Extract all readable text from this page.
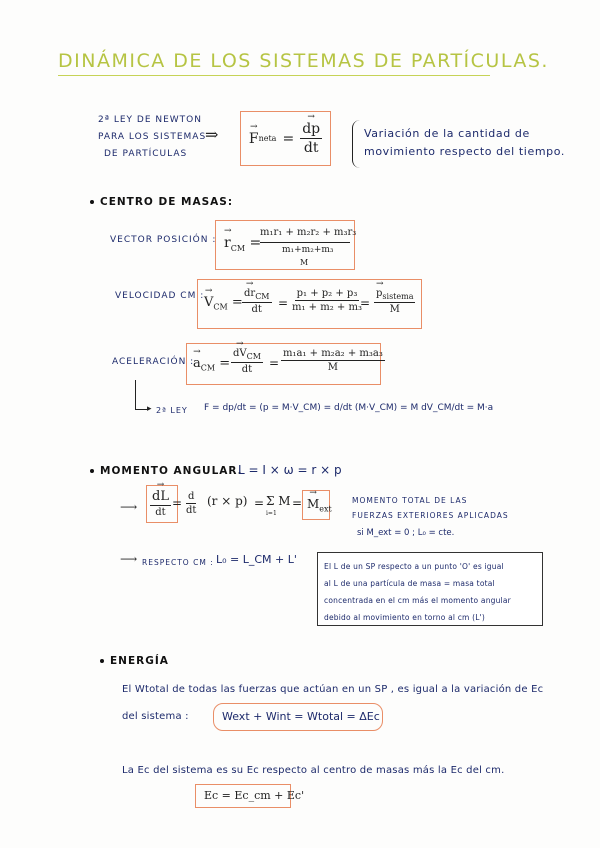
DINÁMICA DE LOS SISTEMAS DE PARTÍCULAS.
2ª LEY DE NEWTON
PARA LOS SISTEMAS
DE PARTÍCULAS
⇒ → F neta = → $\frac{dp}{dt}$	Variación de la cantidad de
movimiento respecto del tiempo.
CENTRO DE MASAS:
VECTOR POSICIÓN : → $r_{CM}$ =
m₁r₁ + m₂r₂ + m₃r₃
m₁+m₂+m₃
M
VELOCIDAD CM : → $V_{CM}$ =
→ $dr_{CM}$
dt = $\frac{\text{p₁ + p₂ + p₃}}{\text{m₁ + m₂ + m₃}}$
=
→ $p_{sistema}$
M
ACELERACIÓN :
→ $a_{CM}$ =
→ $dV_{CM}$
dt = $\frac{\text{m₁a₁ + m₂a₂ + m₃a₃}}{M}$
▸ 2ª LEY F = dp/dt = (p = M·V_CM) = d/dt (M·V_CM) = M dV_CM/dt = M·a
MOMENTO ANGULAR.
L = I × ω = r × p
⟶
→ dL
dt
= $\frac{d}{dt} (r \times p) = \Sigma$ M
i=1
= → $M_{ext}$
MOMENTO TOTAL DE LAS
FUERZAS EXTERIORES APLICADAS
si M_ext = 0 ; L₀ = cte.
⟶ RESPECTO CM : L₀ = L_CM + L'
El L de un SP respecto a un punto 'O' es igual
al L de una partícula de masa = masa total
concentrada en el cm más el momento angular
debido al movimiento en torno al cm (L')
ENERGÍA
El Wtotal de todas las fuerzas que actúan en un SP , es igual a la variación de Ec
del sistema :	Wext + Wint = Wtotal = ΔEc
La Ec del sistema es su Ec respecto al centro de masas más la Ec del cm.
Ec = Ec_cm + Ec'
